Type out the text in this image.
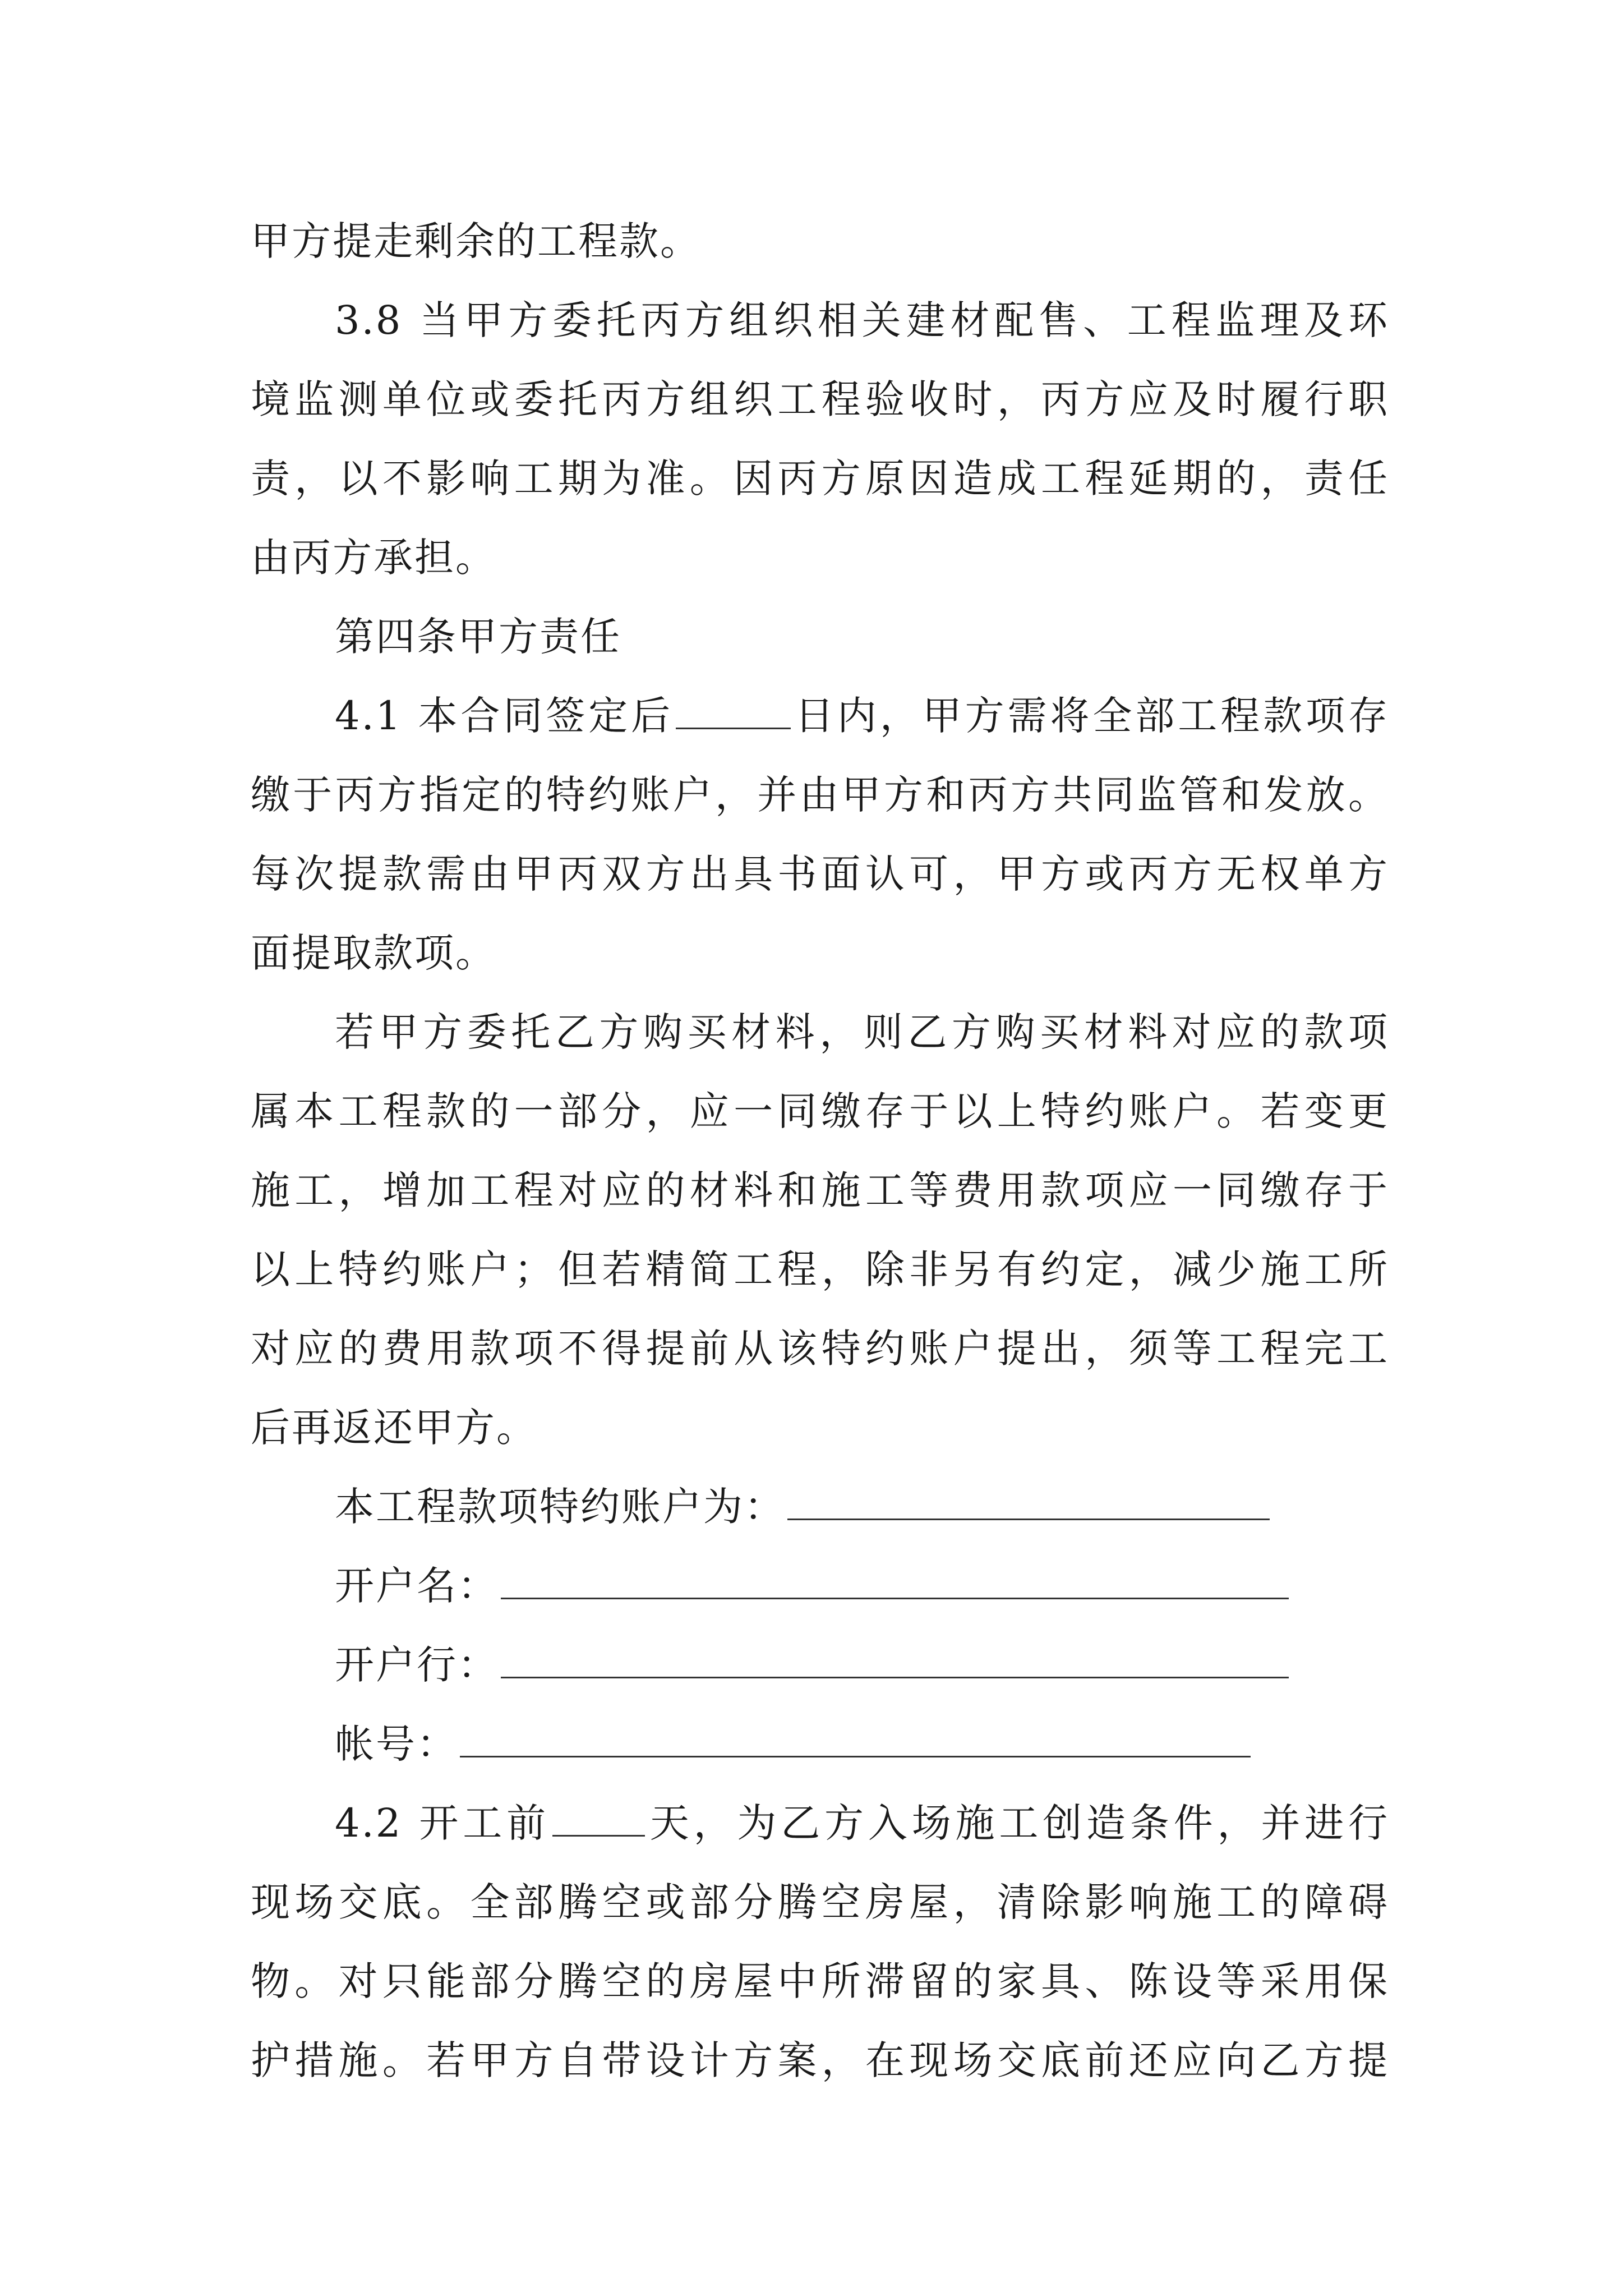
甲方提走剩余的工程款。
3.8 当甲方委托丙方组织相关建材配售、工程监理及环
境监测单位或委托丙方组织工程验收时，丙方应及时履行职
责，以不影响工期为准。因丙方原因造成工程延期的，责任
由丙方承担。
第四条甲方责任
4.1 本合同签定后	日内，甲方需将全部工程款项存
缴于丙方指定的特约账户，并由甲方和丙方共同监管和发放。
每次提款需由甲丙双方出具书面认可，甲方或丙方无权单方
面提取款项。
若甲方委托乙方购买材料，则乙方购买材料对应的款项
属本工程款的一部分，应一同缴存于以上特约账户。若变更
施工，增加工程对应的材料和施工等费用款项应一同缴存于
以上特约账户；但若精简工程，除非另有约定，减少施工所
对应的费用款项不得提前从该特约账户提出，须等工程完工
后再返还甲方。
本工程款项特约账户为：
开户名：
开户行：
帐号：
4.2 开工前 天，为乙方入场施工创造条件，并进行
现场交底。全部腾空或部分腾空房屋，清除影响施工的障碍
物。对只能部分腾空的房屋中所滞留的家具、陈设等采用保
护措施。若甲方自带设计方案，在现场交底前还应向乙方提
